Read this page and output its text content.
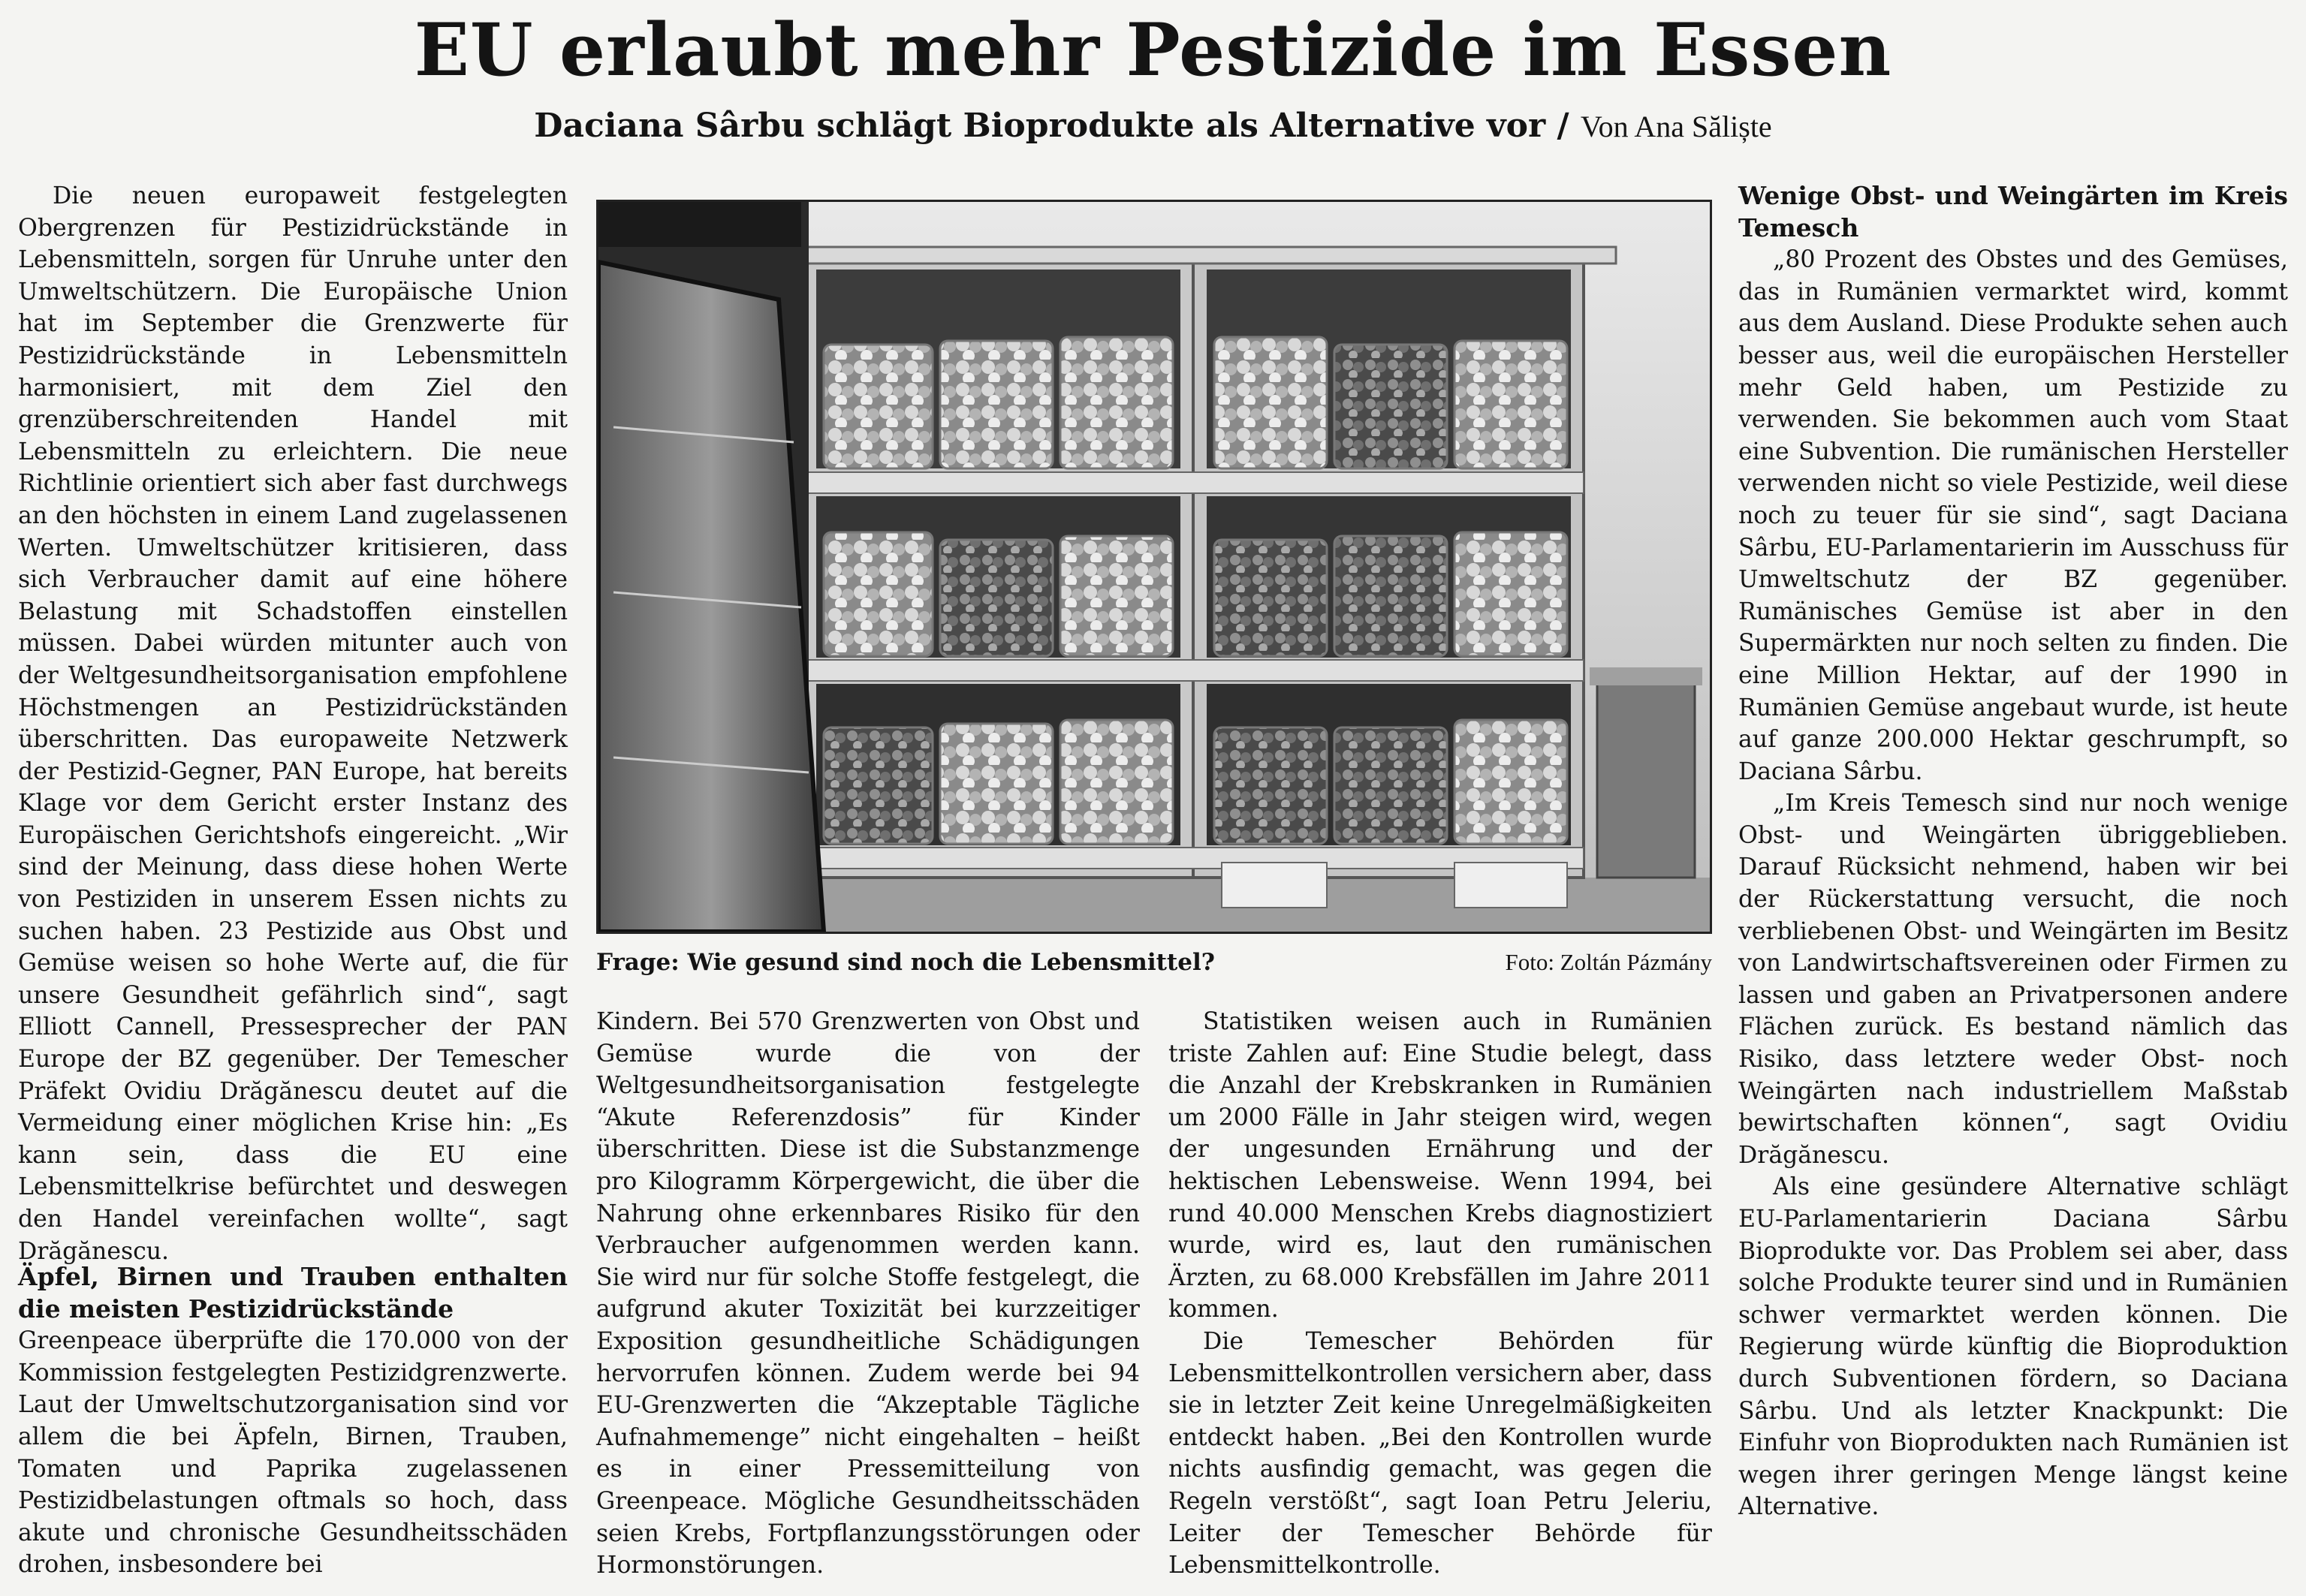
EU erlaubt mehr Pestizide im Essen
Daciana Sârbu schlägt Bioprodukte als Alternative vor / Von Ana Săliște

Die neuen europaweit festgelegten Obergrenzen für Pestizidrückstände in Lebensmitteln, sorgen für Unruhe unter den Umweltschützern. Die Europäische Union hat im September die Grenzwerte für Pestizidrückstände in Lebensmitteln harmonisiert, mit dem Ziel den grenzüberschreitenden Handel mit Lebensmitteln zu erleichtern. Die neue Richtlinie orientiert sich aber fast durchwegs an den höchsten in einem Land zugelassenen Werten. Umweltschützer kritisieren, dass sich Verbraucher damit auf eine höhere Belastung mit Schadstoffen einstellen müssen. Dabei würden mitunter auch von der Weltgesundheitsorganisation empfohlene Höchstmengen an Pestizidrückständen überschritten. Das europaweite Netzwerk der Pestizid-Gegner, PAN Europe, hat bereits Klage vor dem Gericht erster Instanz des Europäischen Gerichtshofs eingereicht. „Wir sind der Meinung, dass diese hohen Werte von Pestiziden in unserem Essen nichts zu suchen haben. 23 Pestizide aus Obst und Gemüse weisen so hohe Werte auf, die für unsere Gesundheit gefährlich sind“, sagt Elliott Cannell, Pressesprecher der PAN Europe der BZ gegenüber. Der Temescher Präfekt Ovidiu Drăgănescu deutet auf die Vermeidung einer möglichen Krise hin: „Es kann sein, dass die EU eine Lebensmittelkrise befürchtet und deswegen den Handel vereinfachen wollte“, sagt Drăgănescu.

Äpfel, Birnen und Trauben enthalten die meisten Pestizidrückstände

Greenpeace überprüfte die 170.000 von der Kommission festgelegten Pestizidgrenzwerte. Laut der Umweltschutzorganisation sind vor allem die bei Äpfeln, Birnen, Trauben, Tomaten und Paprika zugelassenen Pestizidbelastungen oftmals so hoch, dass akute und chronische Gesundheitsschäden drohen, insbesondere bei

Frage: Wie gesund sind noch die Lebensmittel?	Foto: Zoltán Pázmány

Kindern. Bei 570 Grenzwerten von Obst und Gemüse wurde die von der Weltgesundheitsorganisation festgelegte “Akute Referenzdosis” für Kinder überschritten. Diese ist die Substanzmenge pro Kilogramm Körpergewicht, die über die Nahrung ohne erkennbares Risiko für den Verbraucher aufgenommen werden kann. Sie wird nur für solche Stoffe festgelegt, die aufgrund akuter Toxizität bei kurzzeitiger Exposition gesundheitliche Schädigungen hervorrufen können. Zudem werde bei 94 EU-Grenzwerten die “Akzeptable Tägliche Aufnahmemenge” nicht eingehalten – heißt es in einer Pressemitteilung von Greenpeace. Mögliche Gesundheitsschäden seien Krebs, Fortpflanzungsstörungen oder Hormonstörungen.

Statistiken weisen auch in Rumänien triste Zahlen auf: Eine Studie belegt, dass die Anzahl der Krebskranken in Rumänien um 2000 Fälle in Jahr steigen wird, wegen der ungesunden Ernährung und der hektischen Lebensweise. Wenn 1994, bei rund 40.000 Menschen Krebs diagnostiziert wurde, wird es, laut den rumänischen Ärzten, zu 68.000 Krebsfällen im Jahre 2011 kommen.

Die Temescher Behörden für Lebensmittelkontrollen versichern aber, dass sie in letzter Zeit keine Unregelmäßigkeiten entdeckt haben. „Bei den Kontrollen wurde nichts ausfindig gemacht, was gegen die Regeln verstößt“, sagt Ioan Petru Jeleriu, Leiter der Temescher Behörde für Lebensmittelkontrolle.

Wenige Obst- und Weingärten im Kreis Temesch

„80 Prozent des Obstes und des Gemüses, das in Rumänien vermarktet wird, kommt aus dem Ausland. Diese Produkte sehen auch besser aus, weil die europäischen Hersteller mehr Geld haben, um Pestizide zu verwenden. Sie bekommen auch vom Staat eine Subvention. Die rumänischen Hersteller verwenden nicht so viele Pestizide, weil diese noch zu teuer für sie sind“, sagt Daciana Sârbu, EU-Parlamentarierin im Ausschuss für Umweltschutz der BZ gegenüber. Rumänisches Gemüse ist aber in den Supermärkten nur noch selten zu finden. Die eine Million Hektar, auf der 1990 in Rumänien Gemüse angebaut wurde, ist heute auf ganze 200.000 Hektar geschrumpft, so Daciana Sârbu.

„Im Kreis Temesch sind nur noch wenige Obst- und Weingärten übriggeblieben. Darauf Rücksicht nehmend, haben wir bei der Rückerstattung versucht, die noch verbliebenen Obst- und Weingärten im Besitz von Landwirtschaftsvereinen oder Firmen zu lassen und gaben an Privatpersonen andere Flächen zurück. Es bestand nämlich das Risiko, dass letztere weder Obst- noch Weingärten nach industriellem Maßstab bewirtschaften können“, sagt Ovidiu Drăgănescu.

Als eine gesündere Alternative schlägt EU-Parlamentarierin Daciana Sârbu Bioprodukte vor. Das Problem sei aber, dass solche Produkte teurer sind und in Rumänien schwer vermarktet werden können. Die Regierung würde künftig die Bioproduktion durch Subventionen fördern, so Daciana Sârbu. Und als letzter Knackpunkt: Die Einfuhr von Bioprodukten nach Rumänien ist wegen ihrer geringen Menge längst keine Alternative.
